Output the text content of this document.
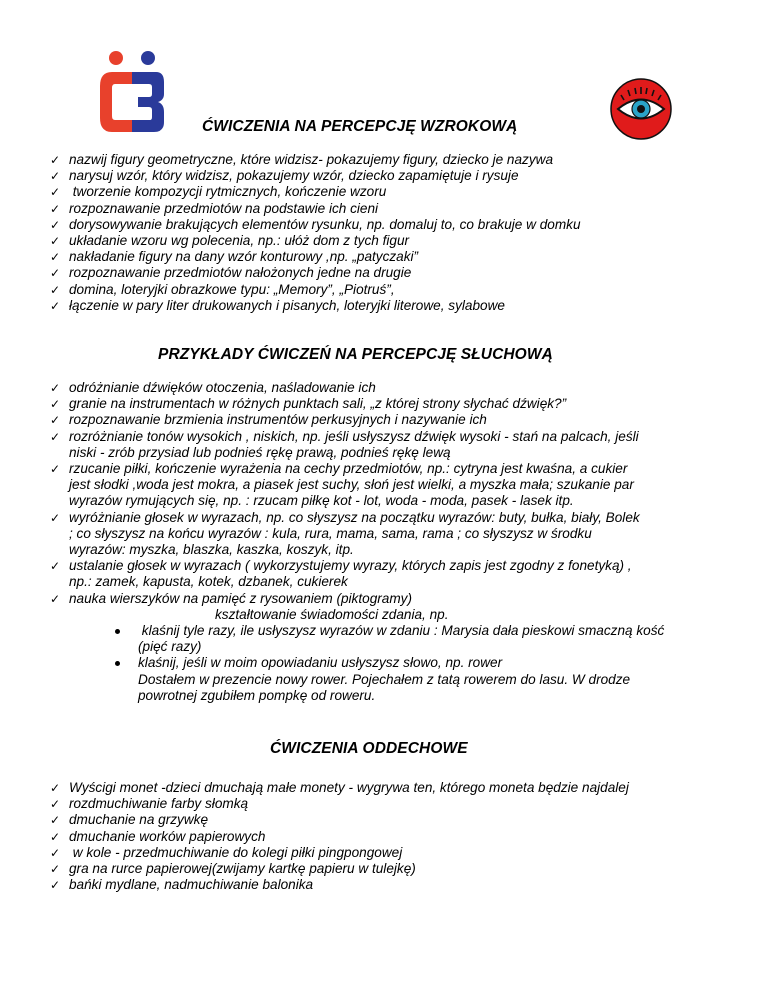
ĆWICZENIA NA PERCEPCJĘ WZROKOWĄ
✓ nazwij figury geometryczne, które widzisz- pokazujemy figury, dziecko je nazywa
✓ narysuj wzór, który widzisz, pokazujemy wzór, dziecko zapamiętuje i rysuje
✓ tworzenie kompozycji rytmicznych, kończenie wzoru
✓ rozpoznawanie przedmiotów na podstawie ich cieni
✓ dorysowywanie brakujących elementów rysunku, np. domaluj to, co brakuje w domku
✓ układanie wzoru wg polecenia, np.: ułóż dom z tych figur
✓ nakładanie figury na dany wzór konturowy ,np. „patyczaki”
✓ rozpoznawanie przedmiotów nałożonych jedne na drugie
✓ domina, loteryjki obrazkowe typu: „Memory”, „Piotruś”,
✓ łączenie w pary liter drukowanych i pisanych, loteryjki literowe, sylabowe
PRZYKŁADY ĆWICZEŃ NA PERCEPCJĘ SŁUCHOWĄ
✓ odróżnianie dźwięków otoczenia, naśladowanie ich
✓ granie na instrumentach w różnych punktach sali, „z której strony słychać dźwięk?”
✓ rozpoznawanie brzmienia instrumentów perkusyjnych i nazywanie ich
✓ rozróżnianie tonów wysokich , niskich, np. jeśli usłyszysz dźwięk wysoki - stań na palcach, jeśli
niski - zrób przysiad lub podnieś rękę prawą, podnieś rękę lewą
✓ rzucanie piłki, kończenie wyrażenia na cechy przedmiotów, np.: cytryna jest kwaśna, a cukier
jest słodki ,woda jest mokra, a piasek jest suchy, słoń jest wielki, a myszka mała; szukanie par
wyrazów rymujących się, np. : rzucam piłkę kot - lot, woda - moda, pasek - lasek itp.
✓ wyróżnianie głosek w wyrazach, np. co słyszysz na początku wyrazów: buty, bułka, biały, Bolek
; co słyszysz na końcu wyrazów : kula, rura, mama, sama, rama ; co słyszysz w środku
wyrazów: myszka, blaszka, kaszka, koszyk, itp.
✓ ustalanie głosek w wyrazach ( wykorzystujemy wyrazy, których zapis jest zgodny z fonetyką) ,
np.: zamek, kapusta, kotek, dzbanek, cukierek
✓ nauka wierszyków na pamięć z rysowaniem (piktogramy)
kształtowanie świadomości zdania, np.
klaśnij tyle razy, ile usłyszysz wyrazów w zdaniu : Marysia dała pieskowi smaczną kość
(pięć razy)
klaśnij, jeśli w moim opowiadaniu usłyszysz słowo, np. rower
Dostałem w prezencie nowy rower. Pojechałem z tatą rowerem do lasu. W drodze
powrotnej zgubiłem pompkę od roweru.
ĆWICZENIA ODDECHOWE
✓ Wyścigi monet -dzieci dmuchają małe monety - wygrywa ten, którego moneta będzie najdalej
✓ rozdmuchiwanie farby słomką
✓ dmuchanie na grzywkę
✓ dmuchanie worków papierowych
✓ w kole - przedmuchiwanie do kolegi piłki pingpongowej
✓ gra na rurce papierowej(zwijamy kartkę papieru w tulejkę)
✓ bańki mydlane, nadmuchiwanie balonika
